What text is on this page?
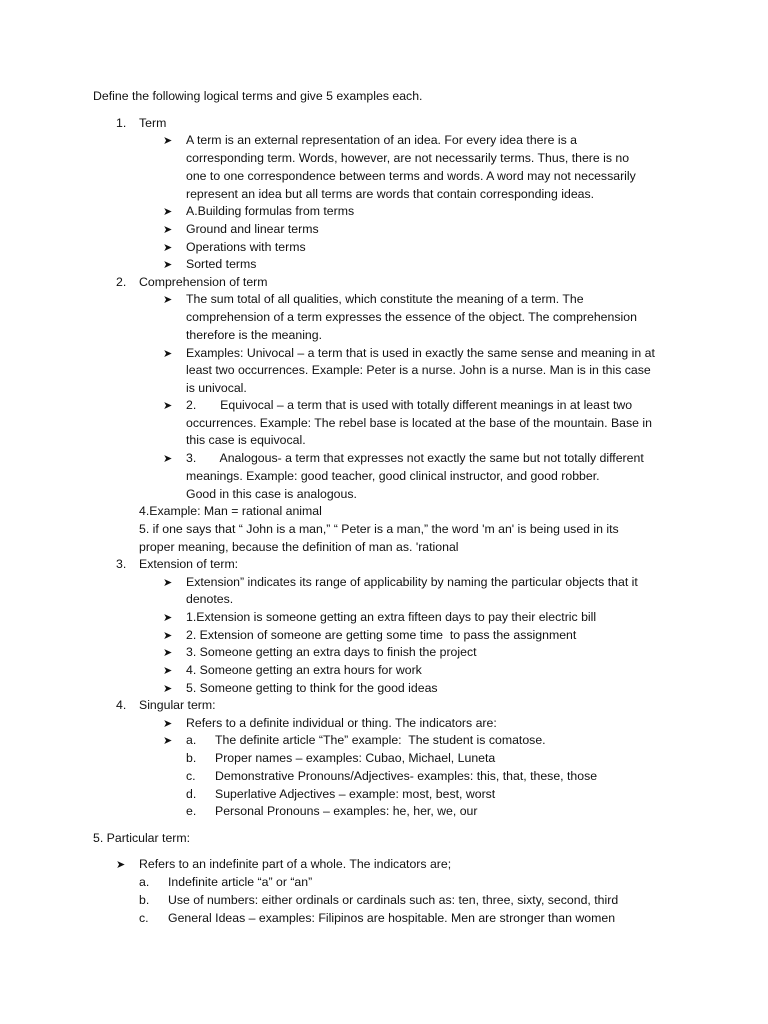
Define the following logical terms and give 5 examples each.
1. Term
➤ A term is an external representation of an idea. For every idea there is a
corresponding term. Words, however, are not necessarily terms. Thus, there is no
one to one correspondence between terms and words. A word may not necessarily
represent an idea but all terms are words that contain corresponding ideas.
➤ A.Building formulas from terms
➤ Ground and linear terms
➤ Operations with terms
➤ Sorted terms
2. Comprehension of term
➤ The sum total of all qualities, which constitute the meaning of a term. The
comprehension of a term expresses the essence of the object. The comprehension
therefore is the meaning.
➤ Examples: Univocal – a term that is used in exactly the same sense and meaning in at
least two occurrences. Example: Peter is a nurse. John is a nurse. Man is in this case
is univocal.
➤ 2.       Equivocal – a term that is used with totally different meanings in at least two
occurrences. Example: The rebel base is located at the base of the mountain. Base in
this case is equivocal.
➤ 3.       Analogous- a term that expresses not exactly the same but not totally different
meanings. Example: good teacher, good clinical instructor, and good robber.
Good in this case is analogous.
4.Example: Man = rational animal
5. if one says that “ John is a man,” “ Peter is a man,” the word 'm an' is being used in its
proper meaning, because the definition of man as. 'rational
3. Extension of term:
➤ Extension” indicates its range of applicability by naming the particular objects that it
denotes.
➤ 1.Extension is someone getting an extra fifteen days to pay their electric bill
➤ 2. Extension of someone are getting some time  to pass the assignment
➤ 3. Someone getting an extra days to finish the project
➤ 4. Someone getting an extra hours for work
➤ 5. Someone getting to think for the good ideas
4. Singular term:
➤ Refers to a definite individual or thing. The indicators are:
➤ a. The definite article “The” example:  The student is comatose.
b. Proper names – examples: Cubao, Michael, Luneta
c. Demonstrative Pronouns/Adjectives- examples: this, that, these, those
d. Superlative Adjectives – example: most, best, worst
e. Personal Pronouns – examples: he, her, we, our
5. Particular term:
➤ Refers to an indefinite part of a whole. The indicators are;
a. Indefinite article “a” or “an”
b. Use of numbers: either ordinals or cardinals such as: ten, three, sixty, second, third
c. General Ideas – examples: Filipinos are hospitable. Men are stronger than women
